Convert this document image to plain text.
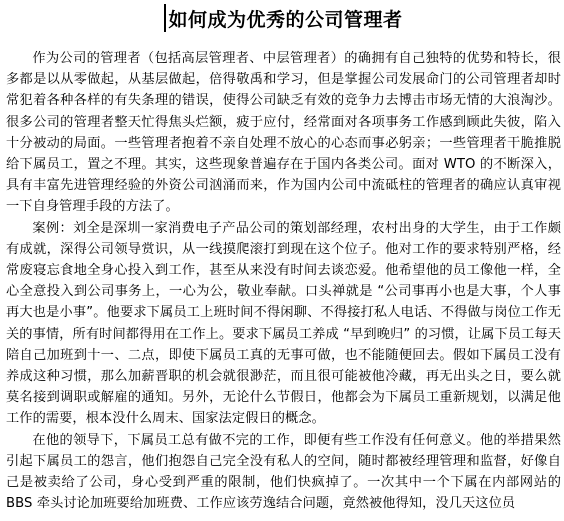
如何成为优秀的公司管理者

作为公司的管理者（包括高层管理者、中层管理者）的确拥有自己独特的优势和特长，很多都是以从零做起，从基层做起，倍得敬禹和学习，但是掌握公司发展命门的公司管理者却时常犯着各种各样的有失条理的错误，使得公司缺乏有效的竞争力去博击市场无情的大浪淘沙。很多公司的管理者整天忙得焦头烂额，疲于应付，经常面对各项事务工作感到顾此失彼，陷入十分被动的局面。一些管理者抱着不亲自处理不放心的心态而事必躬亲；一些管理者干脆推脱给下属员工，置之不理。其实，这些现象普遍存在于国内各类公司。面对 WTO 的不断深入，具有丰富先进管理经验的外资公司汹涌而来，作为国内公司中流砥柱的管理者的确应认真审视一下自身管理手段的方法了。

案例：刘全是深圳一家消费电子产品公司的策划部经理，农村出身的大学生，由于工作颇有成就，深得公司领导赏识，从一线摸爬滚打到现在这个位子。他对工作的要求特别严格，经常废寝忘食地全身心投入到工作，甚至从来没有时间去谈恋爱。他希望他的员工像他一样，全心全意投入到公司事务上，一心为公，敬业奉献。口头禅就是 “公司事再小也是大事，个人事再大也是小事”。他要求下属员工上班时间不得闲聊、不得接打私人电话、不得做与岗位工作无关的事情，所有时间都得用在工作上。要求下属员工养成 “早到晚归” 的习惯，让属下员工每天陪自己加班到十一、二点，即使下属员工真的无事可做，也不能随便回去。假如下属员工没有养成这种习惯，那么加薪晋职的机会就很渺茫，而且很可能被他冷藏，再无出头之日，要么就莫名接到调职或解雇的通知。另外，无论什么节假日，他都会为下属员工重新规划，以满足他工作的需要，根本没什么周末、国家法定假日的概念。

在他的领导下，下属员工总有做不完的工作，即便有些工作没有任何意义。他的举措果然引起下属员工的怨言，他们抱怨自己完全没有私人的空间，随时都被经理管理和监督，好像自己是被卖给了公司，身心受到严重的限制，他们快疯掉了。一次其中一个下属在内部网站的 BBS 牵头讨论加班要给加班费、工作应该劳逸结合问题，竟然被他得知，没几天这位员
